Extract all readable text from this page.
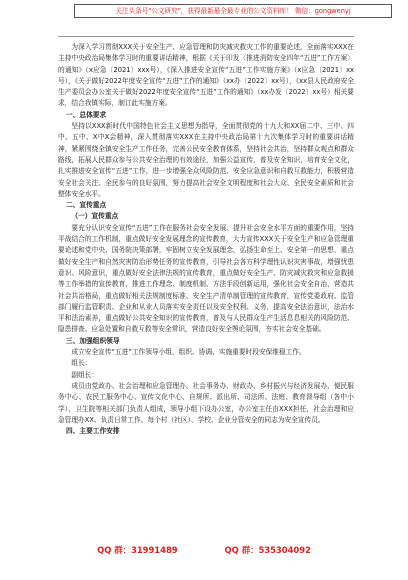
关注头条号"公文研究"，获得最新最全最专业的公文资料库！ 微信：gongwenyj

为深入学习贯彻XXX关于安全生产、应急管理和防灾减灾救灾工作的重要论述，全面落实XXX在主持中央政治局集体学习时的重要讲话精神，根据《关于印发〈推进消防安全四年“五进”工作方案〉的通知》（x应急〔2021〕xxx号），《深入推进安全宣传“五进”工作实施方案》（x应急〔2021〕xx号），《关于做好2022年度安全宣传“五进”工作的通知》（xx办〔2022〕xx号），《xx县人民政府安全生产委员会办公室关于做好2022年度安全宣传“五进”工作的通知》（xx办发〔2022〕xx号）相关要求，结合我镇实际，制订此实施方案。

一、总体要求

坚持以XXX新时代中国特色社会主义思想为指导，全面贯彻党的十九大和XX届二中、三中、四中、五中、X中X会精神，深入贯彻落实XXX在主持中央政治局第十九次集体学习时的重要讲话精神，紧紧围绕全镇安全生产工作任务，完善公民安全教育体系，坚持社会共治，坚持群众观点和群众路线，拓展人民群众参与公共安全治理的有效途径，加强公益宣传，普及安全知识，培育安全文化，扎实推进安全宣传“五进”工作，进一步增强全众风险防范、安全应急意识和自救互救能力，积极营造安全社会关注、全民参与的良好氛围，努力提高社会安全文明程度和社会大众、全民安全素质和社会整体安全水平。

二、宣传重点

（一）宣传重点

要充分认识安全宣传“五进”工作在服务社会安全发展、提升社会安全水平方面的重要作用，坚持平战结合的工作机制，重点做好安全发展理念的宣传教育，大力宣传XXX关于安全生产和应急管理重要论述和党中央、国务院决策部署，牢固树立安全发展理念，弘扬生命至上、安全第一的思想，重点做好安全生产和自然灾害防治形势任务的宣传教育，引导社会各方科学理性认识灾害事故，增强忧患意识、风险意识，重点做好安全法律法规的宣传教育，重点做好安全生产、防灾减灾救灾和应急救援等工作举措的宣传教育，推进工作理念、制度机制、方法手段创新运用，强化社会安全自治，营造共社会共治格局，重点做好相关法规制度标准、安全生产清单制管理的宣传教育，宣传党委政府、监管部门履行监管职责、企业和从业人员落实安全责任以及安全权利、义务，提高安全法治意识，法治水平和法治素养，重点做好公共安全知识的宣传教育，普及与人民群众生产生活息息相关的风险防范、隐患排查、应急处置和自救互救等安全常识，营造良好安全舆论氛围，夯实社会安全基础。

三、加强组织领导

成立安全宣传“五进”工作领导小组，组织、协调、实施重要时段安保维稳工作。

组长：

副组长：

成员由党政办、社会治理和应急管理办、社会事务办、财政办、乡村振兴与经济发展办、便民服务中心、农民工服务中心、宣传文化中心、自规所、派出所、司法所、法庭、教育督导组（各中小学）、卫生院等相关部门负责人组成，领导小组下设办公室，办公室主任由XXX担任，社会治理和应急管理办XX、负责日常工作。每个村（社区）、学校、企业分管安全的同志为安全宣传员。

四、主要工作安排

QQ 群：31991489	QQ 群：535304092
